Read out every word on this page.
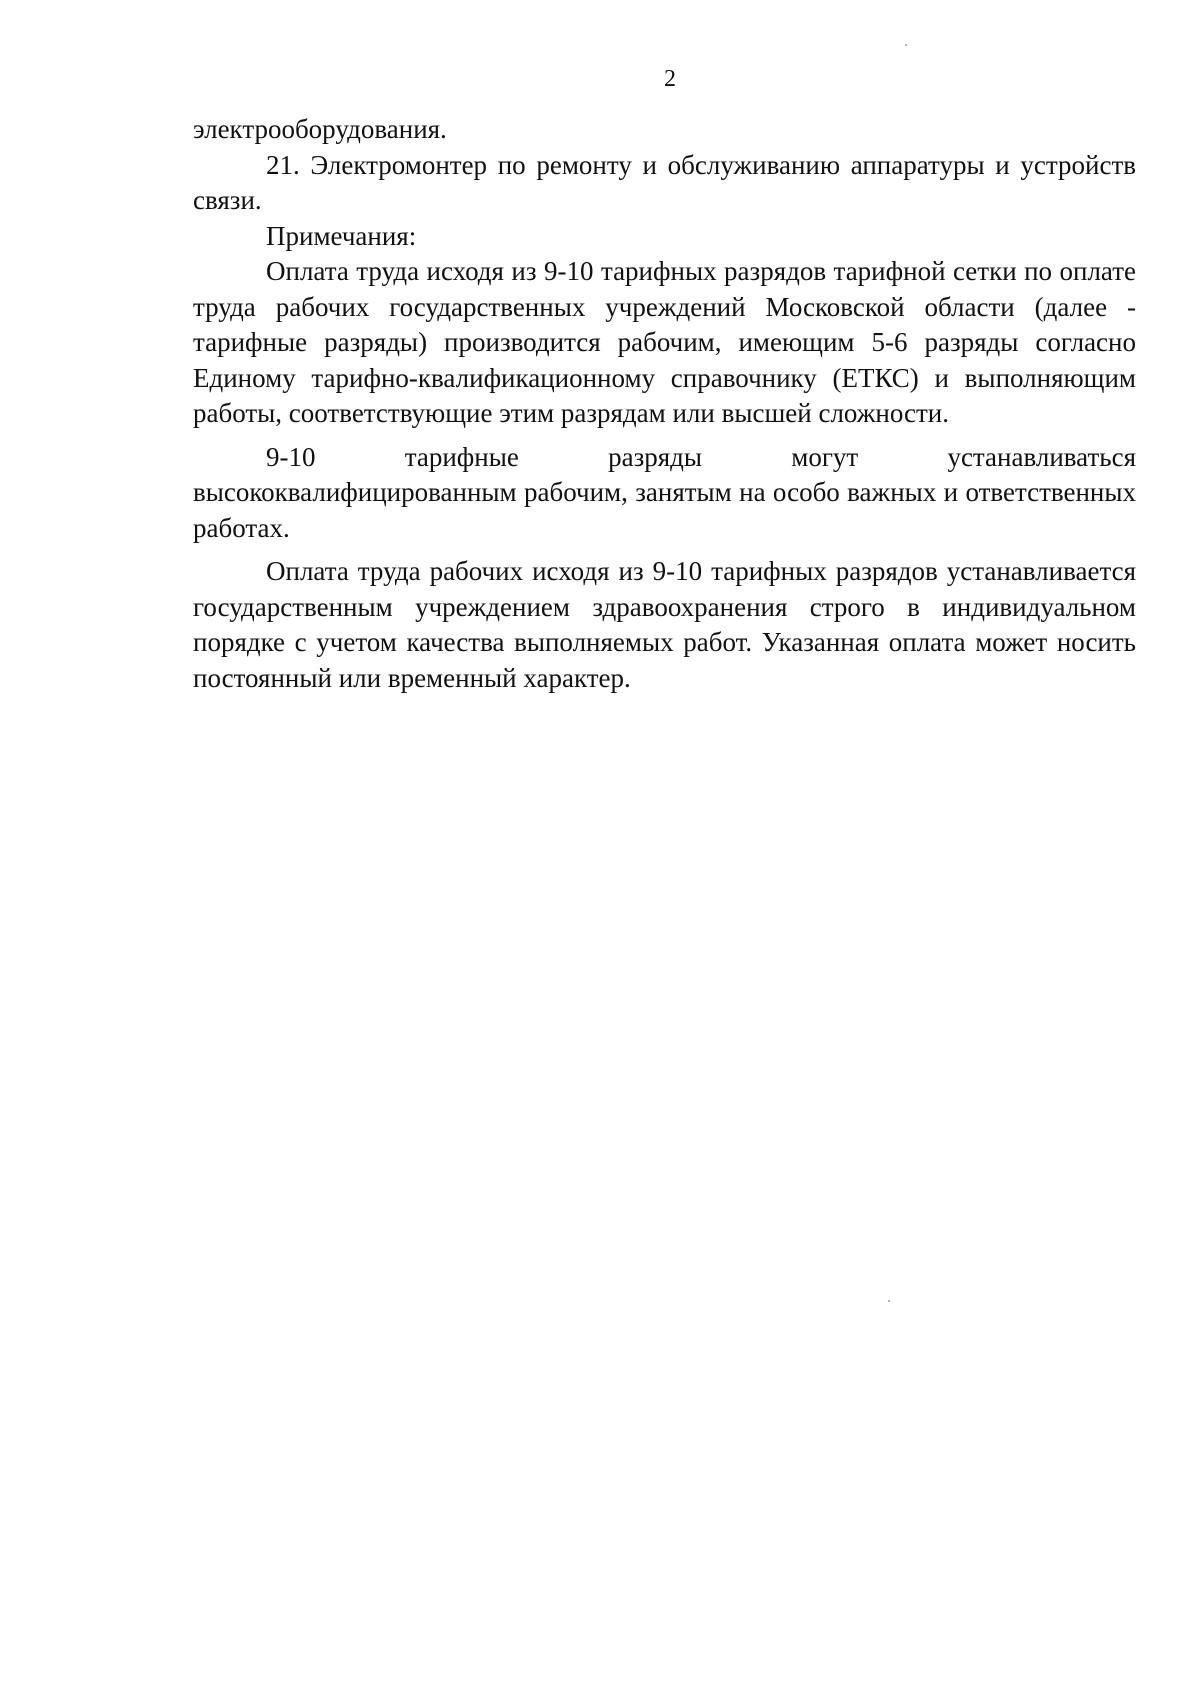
2

электрооборудования.

21. Электромонтер по ремонту и обслуживанию аппаратуры и устройств связи.

Примечания:

Оплата труда исходя из 9-10 тарифных разрядов тарифной сетки по оплате труда рабочих государственных учреждений Московской области (далее - тарифные разряды) производится рабочим, имеющим 5-6 разряды согласно Единому тарифно-квалификационному справочнику (ЕТКС) и выполняющим работы, соответствующие этим разрядам или высшей сложности.

9-10 тарифные разряды могут устанавливаться высококвалифицированным рабочим, занятым на особо важных и ответственных работах.

Оплата труда рабочих исходя из 9-10 тарифных разрядов устанавливается государственным учреждением здравоохранения строго в индивидуальном порядке с учетом качества выполняемых работ. Указанная оплата может носить постоянный или временный характер.
